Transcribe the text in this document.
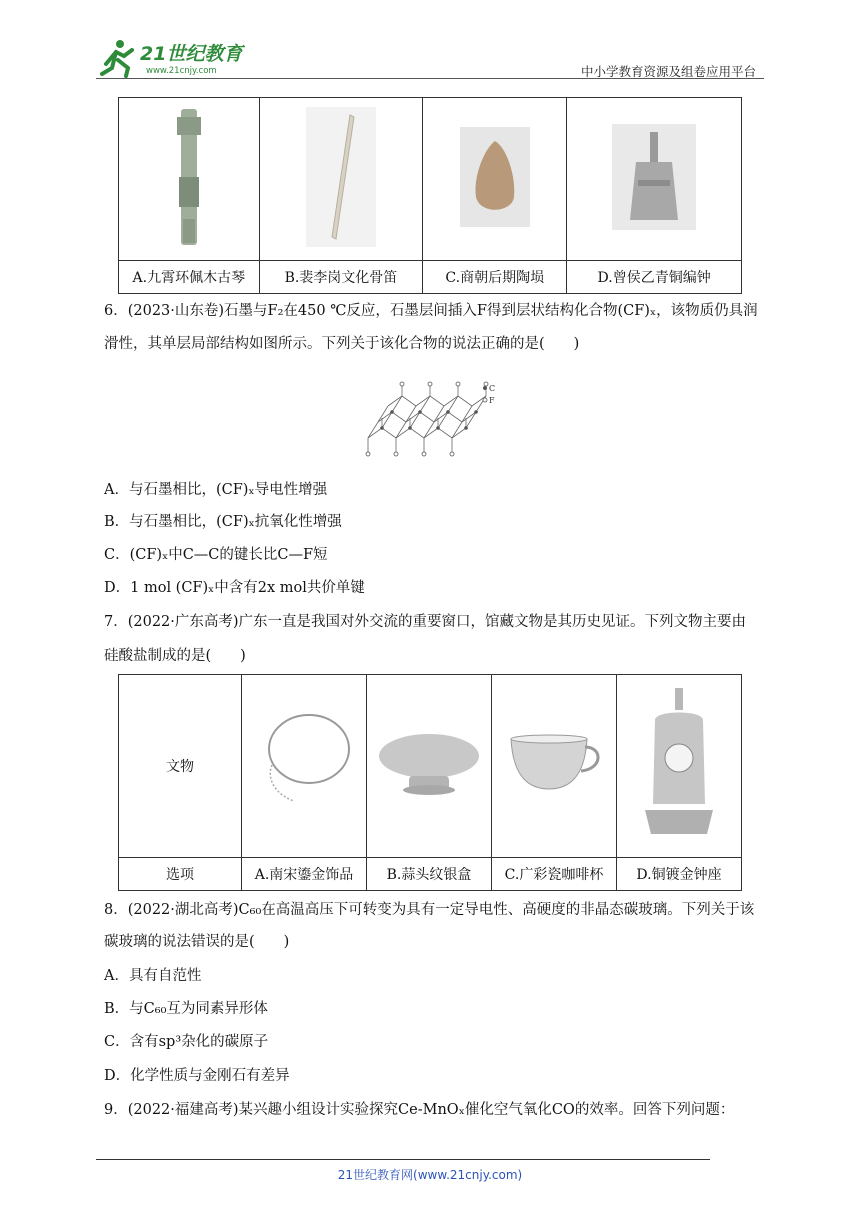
21世纪教育
www.21cnjy.com	中小学教育资源及组卷应用平台

A.九霄环佩木古琴	B.裴李岗文化骨笛	C.商朝后期陶埙	D.曾侯乙青铜编钟
6．(2023·山东卷)石墨与F₂在450 ℃反应，石墨层间插入F得到层状结构化合物(CF)ₓ，该物质仍具润
滑性，其单层局部结构如图所示。下列关于该化合物的说法正确的是(　　)
C
F
A．与石墨相比，(CF)ₓ导电性增强
B．与石墨相比，(CF)ₓ抗氧化性增强
C．(CF)ₓ中C—C的键长比C—F短
D．1 mol (CF)ₓ中含有2x mol共价单键
7．(2022·广东高考)广东一直是我国对外交流的重要窗口，馆藏文物是其历史见证。下列文物主要由
硅酸盐制成的是(　　)
文物				
选项	A.南宋鎏金饰品	B.蒜头纹银盒	C.广彩瓷咖啡杯	D.铜镀金钟座
8．(2022·湖北高考)C₆₀在高温高压下可转变为具有一定导电性、高硬度的非晶态碳玻璃。下列关于该
碳玻璃的说法错误的是(　　)
A．具有自范性
B．与C₆₀互为同素异形体
C．含有sp³杂化的碳原子
D．化学性质与金刚石有差异
9．(2022·福建高考)某兴趣小组设计实验探究Ce-MnOₓ催化空气氧化CO的效率。回答下列问题：
21世纪教育网(www.21cnjy.com)
